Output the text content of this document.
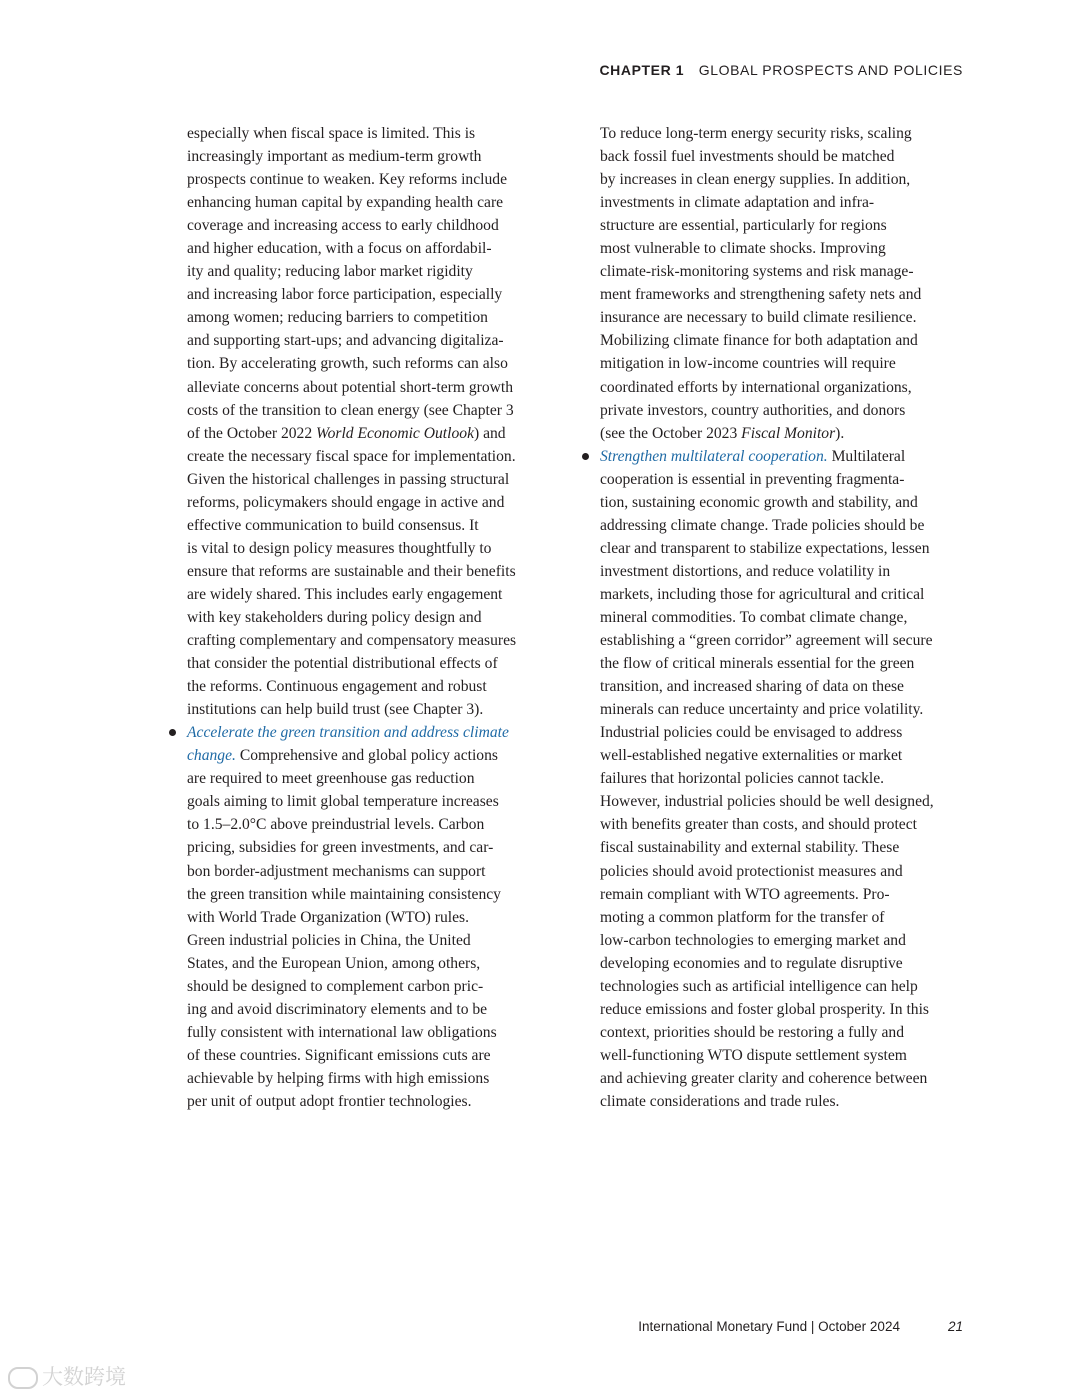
CHAPTER 1 GLOBAL PROSPECTS AND POLICIES
especially when fiscal space is limited. This is
increasingly important as medium-term growth
prospects continue to weaken. Key reforms include
enhancing human capital by expanding health care
coverage and increasing access to early childhood
and higher education, with a focus on affordabil-
ity and quality; reducing labor market rigidity
and increasing labor force participation, especially
among women; reducing barriers to competition
and supporting start-ups; and advancing digitaliza-
tion. By accelerating growth, such reforms can also
alleviate concerns about potential short-term growth
costs of the transition to clean energy (see Chapter 3
of the October 2022 World Economic Outlook) and
create the necessary fiscal space for implementation.
Given the historical challenges in passing structural
reforms, policymakers should engage in active and
effective communication to build consensus. It
is vital to design policy measures thoughtfully to
ensure that reforms are sustainable and their benefits
are widely shared. This includes early engagement
with key stakeholders during policy design and
crafting complementary and compensatory measures
that consider the potential distributional effects of
the reforms. Continuous engagement and robust
institutions can help build trust (see Chapter 3).
Accelerate the green transition and address climate
change. Comprehensive and global policy actions
are required to meet greenhouse gas reduction
goals aiming to limit global temperature increases
to 1.5–2.0°C above preindustrial levels. Carbon
pricing, subsidies for green investments, and car-
bon border-adjustment mechanisms can support
the green transition while maintaining consistency
with World Trade Organization (WTO) rules.
Green industrial policies in China, the United
States, and the European Union, among others,
should be designed to complement carbon pric-
ing and avoid discriminatory elements and to be
fully consistent with international law obligations
of these countries. Significant emissions cuts are
achievable by helping firms with high emissions
per unit of output adopt frontier technologies.
To reduce long-term energy security risks, scaling
back fossil fuel investments should be matched
by increases in clean energy supplies. In addition,
investments in climate adaptation and infra-
structure are essential, particularly for regions
most vulnerable to climate shocks. Improving
climate-risk-monitoring systems and risk manage-
ment frameworks and strengthening safety nets and
insurance are necessary to build climate resilience.
Mobilizing climate finance for both adaptation and
mitigation in low-income countries will require
coordinated efforts by international organizations,
private investors, country authorities, and donors
(see the October 2023 Fiscal Monitor).
Strengthen multilateral cooperation. Multilateral
cooperation is essential in preventing fragmenta-
tion, sustaining economic growth and stability, and
addressing climate change. Trade policies should be
clear and transparent to stabilize expectations, lessen
investment distortions, and reduce volatility in
markets, including those for agricultural and critical
mineral commodities. To combat climate change,
establishing a “green corridor” agreement will secure
the flow of critical minerals essential for the green
transition, and increased sharing of data on these
minerals can reduce uncertainty and price volatility.
Industrial policies could be envisaged to address
well-established negative externalities or market
failures that horizontal policies cannot tackle.
However, industrial policies should be well designed,
with benefits greater than costs, and should protect
fiscal sustainability and external stability. These
policies should avoid protectionist measures and
remain compliant with WTO agreements. Pro-
moting a common platform for the transfer of
low-carbon technologies to emerging market and
developing economies and to regulate disruptive
technologies such as artificial intelligence can help
reduce emissions and foster global prosperity. In this
context, priorities should be restoring a fully and
well-functioning WTO dispute settlement system
and achieving greater clarity and coherence between
climate considerations and trade rules.
International Monetary Fund | October 2024	21
大数跨境
